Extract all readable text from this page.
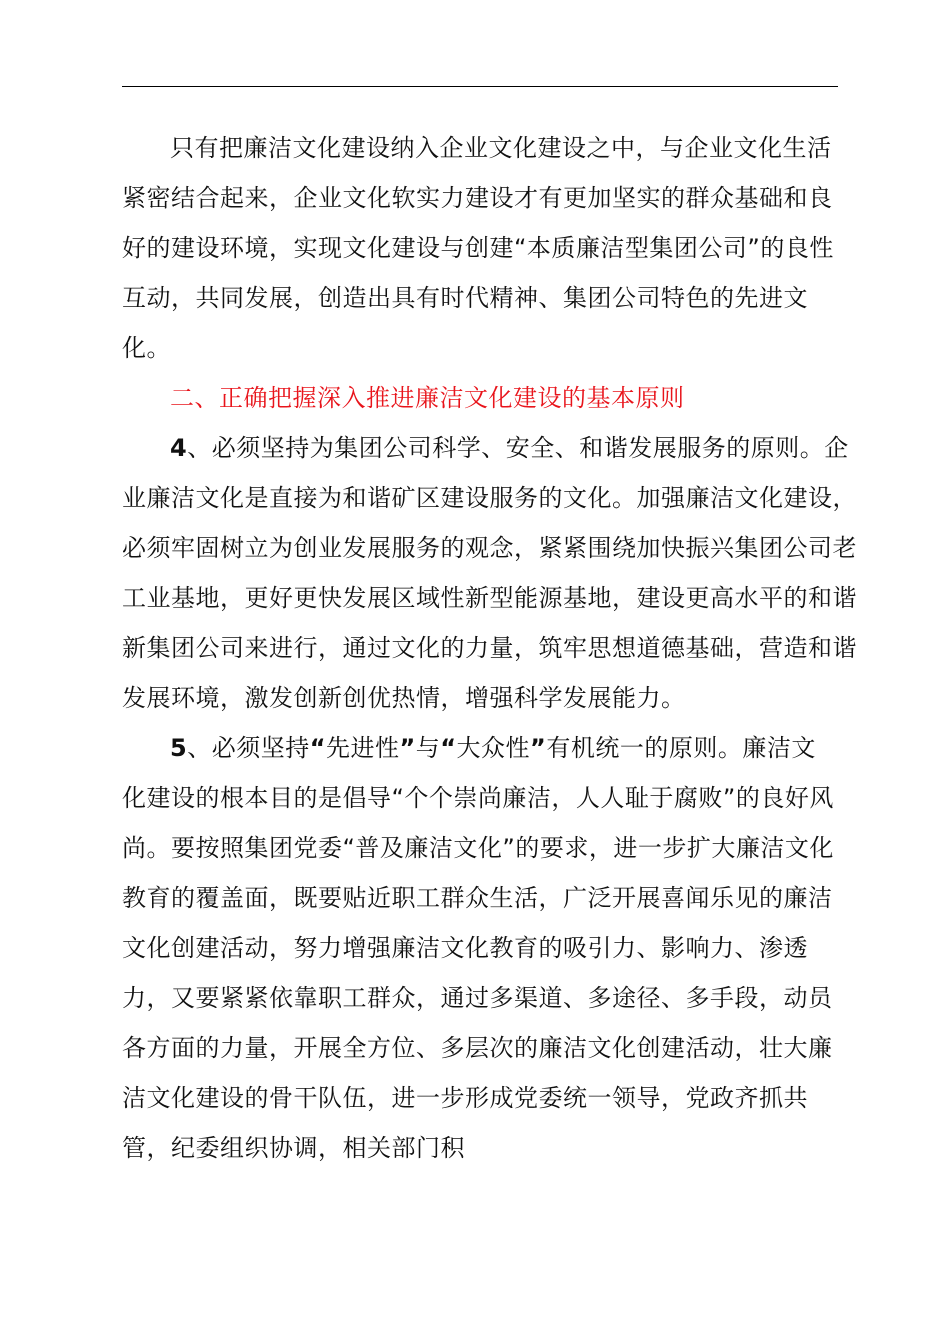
只有把廉洁文化建设纳入企业文化建设之中，与企业文化生活紧密结合起来，企业文化软实力建设才有更加坚实的群众基础和良好的建设环境，实现文化建设与创建“本质廉洁型集团公司”的良性互动，共同发展，创造出具有时代精神、集团公司特色的先进文化。

二、正确把握深入推进廉洁文化建设的基本原则

4、必须坚持为集团公司科学、安全、和谐发展服务的原则。企业廉洁文化是直接为和谐矿区建设服务的文化。加强廉洁文化建设，必须牢固树立为创业发展服务的观念，紧紧围绕加快振兴集团公司老工业基地，更好更快发展区域性新型能源基地，建设更高水平的和谐新集团公司来进行，通过文化的力量，筑牢思想道德基础，营造和谐发展环境，激发创新创优热情，增强科学发展能力。

5、必须坚持“先进性”与“大众性”有机统一的原则。廉洁文化建设的根本目的是倡导“个个崇尚廉洁，人人耻于腐败”的良好风尚。要按照集团党委“普及廉洁文化”的要求，进一步扩大廉洁文化教育的覆盖面，既要贴近职工群众生活，广泛开展喜闻乐见的廉洁文化创建活动，努力增强廉洁文化教育的吸引力、影响力、渗透力，又要紧紧依靠职工群众，通过多渠道、多途径、多手段，动员各方面的力量，开展全方位、多层次的廉洁文化创建活动，壮大廉洁文化建设的骨干队伍，进一步形成党委统一领导，党政齐抓共管，纪委组织协调，相关部门积
